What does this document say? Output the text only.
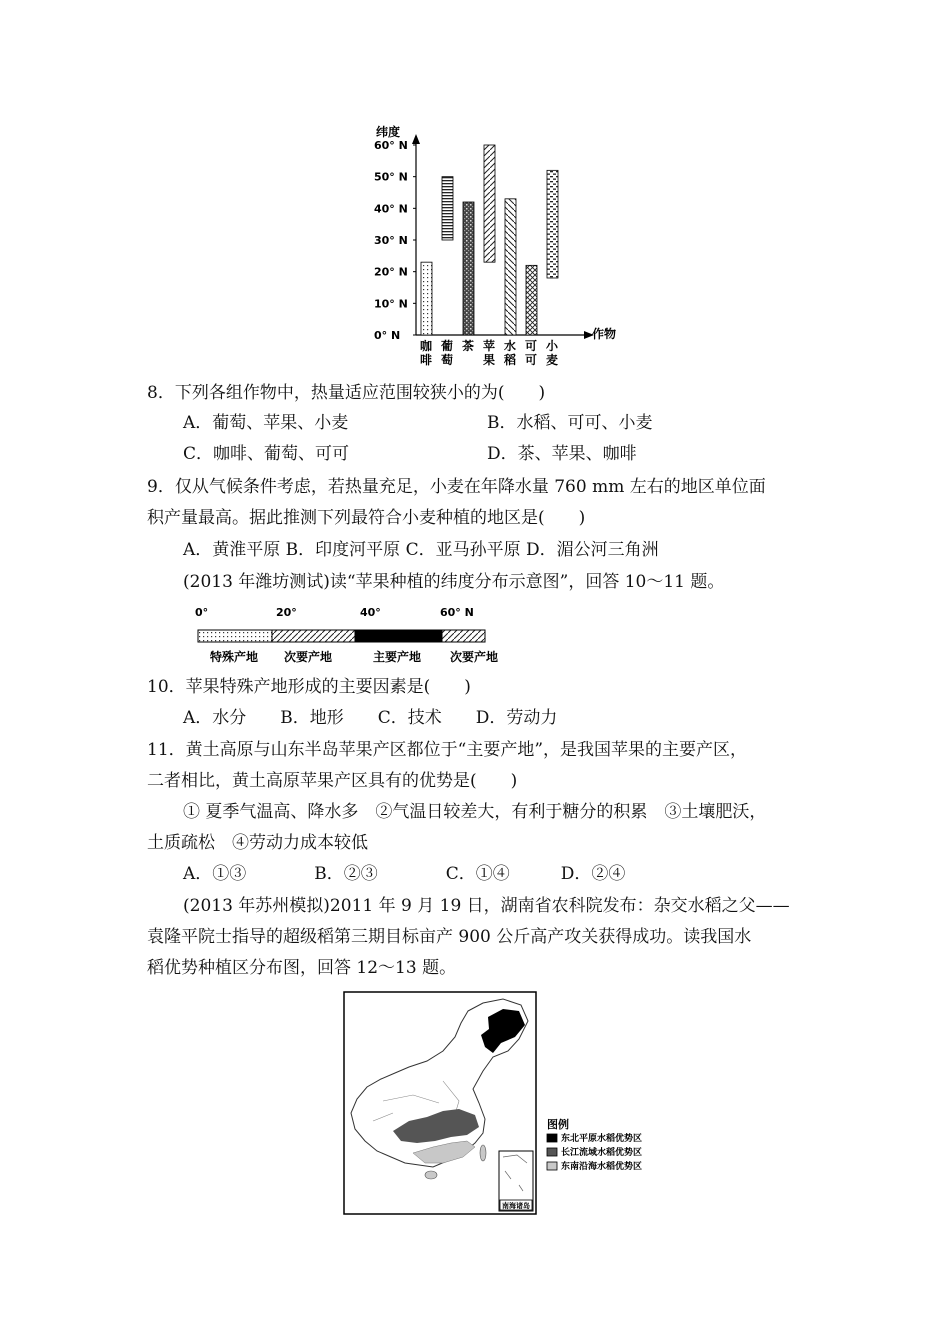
纬度
作物
0° N
10° N
20° N
30° N
40° N
50° N
60° N
咖
啡
葡
萄
茶 苹
果
水
稻
可
可
小
麦
8．下列各组作物中，热量适应范围较狭小的为(　　)
A．葡萄、苹果、小麦	B．水稻、可可、小麦
C．咖啡、葡萄、可可	D．茶、苹果、咖啡
9．仅从气候条件考虑，若热量充足，小麦在年降水量 760 mm 左右的地区单位面
积产量最高。据此推测下列最符合小麦种植的地区是(　　)
A．黄淮平原 B．印度河平原 C．亚马孙平原 D．湄公河三角洲
(2013 年潍坊测试)读“苹果种植的纬度分布示意图”，回答 10～11 题。
0°	20°	40°	60° N
特殊产地 次要产地	主要产地 次要产地
10．苹果特殊产地形成的主要因素是(　　)
A．水分　　B．地形　　C．技术　　D．劳动力
11．黄土高原与山东半岛苹果产区都位于“主要产地”，是我国苹果的主要产区，
二者相比，黄土高原苹果产区具有的优势是(　　)
① 夏季气温高、降水多　②气温日较差大，有利于糖分的积累　③土壤肥沃，
土质疏松　④劳动力成本较低
A．①③　　　　B．②③　　　　C．①④　　　D．②④
(2013 年苏州模拟)2011 年 9 月 19 日，湖南省农科院发布：杂交水稻之父——
袁隆平院士指导的超级稻第三期目标亩产 900 公斤高产攻关获得成功。读我国水
稻优势种植区分布图，回答 12～13 题。
南海诸岛
图例
东北平原水稻优势区
长江流域水稻优势区
东南沿海水稻优势区
